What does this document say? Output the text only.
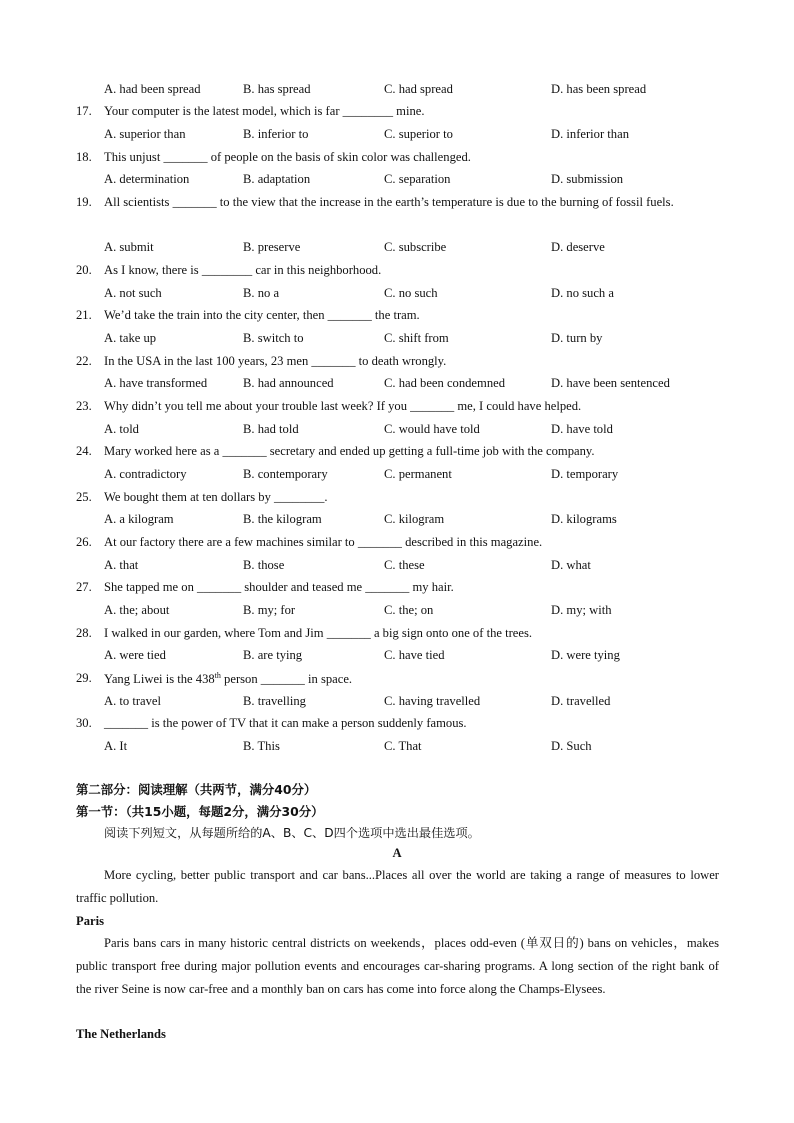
A. had been spread	B. has spread	C. had spread	D. has been spread
17. Your computer is the latest model, which is far ________ mine.
A. superior than	B. inferior to	C. superior to	D. inferior than
18. This unjust _______ of people on the basis of skin color was challenged.
A. determination	B. adaptation	C. separation	D. submission
19. All scientists _______ to the view that the increase in the earth’s temperature is due to the burning of fossil fuels.
A. submit	B. preserve	C. subscribe	D. deserve
20. As I know, there is ________ car in this neighborhood.
A. not such	B. no a	C. no such	D. no such a
21. We’d take the train into the city center, then _______ the tram.
A. take up	B. switch to	C. shift from	D. turn by
22. In the USA in the last 100 years, 23 men _______ to death wrongly.
A. have transformed	B. had announced	C. had been condemned	D. have been sentenced
23. Why didn’t you tell me about your trouble last week? If you _______ me, I could have helped.
A. told	B. had told	C. would have told	D. have told
24. Mary worked here as a _______ secretary and ended up getting a full-time job with the company.
A. contradictory	B. contemporary	C. permanent	D. temporary
25. We bought them at ten dollars by ________.
A. a kilogram	B. the kilogram	C. kilogram	D. kilograms
26. At our factory there are a few machines similar to _______ described in this magazine.
A. that	B. those	C. these	D. what
27. She tapped me on _______ shoulder and teased me _______ my hair.
A. the; about	B. my; for	C. the; on	D. my; with
28. I walked in our garden, where Tom and Jim _______ a big sign onto one of the trees.
A. were tied	B. are tying	C. have tied	D. were tying
29. Yang Liwei is the 438th person _______ in space.
A. to travel	B. travelling	C. having travelled	D. travelled
30. _______ is the power of TV that it can make a person suddenly famous.
A. It	B. This	C. That	D. Such
第二部分：阅读理解（共两节，满分40分）
第一节：（共15小题，每题2分，满分30分）
阅读下列短文，从每题所给的A、B、C、D四个选项中选出最佳选项。
A
More cycling, better public transport and car bans...Places all over the world are taking a range of measures to lower traffic pollution.
Paris
Paris bans cars in many historic central districts on weekends，places odd-even (单双日的) bans on vehicles，makes public transport free during major pollution events and encourages car-sharing programs. A long section of the right bank of the river Seine is now car-free and a monthly ban on cars has come into force along the Champs-Elysees.
The Netherlands
